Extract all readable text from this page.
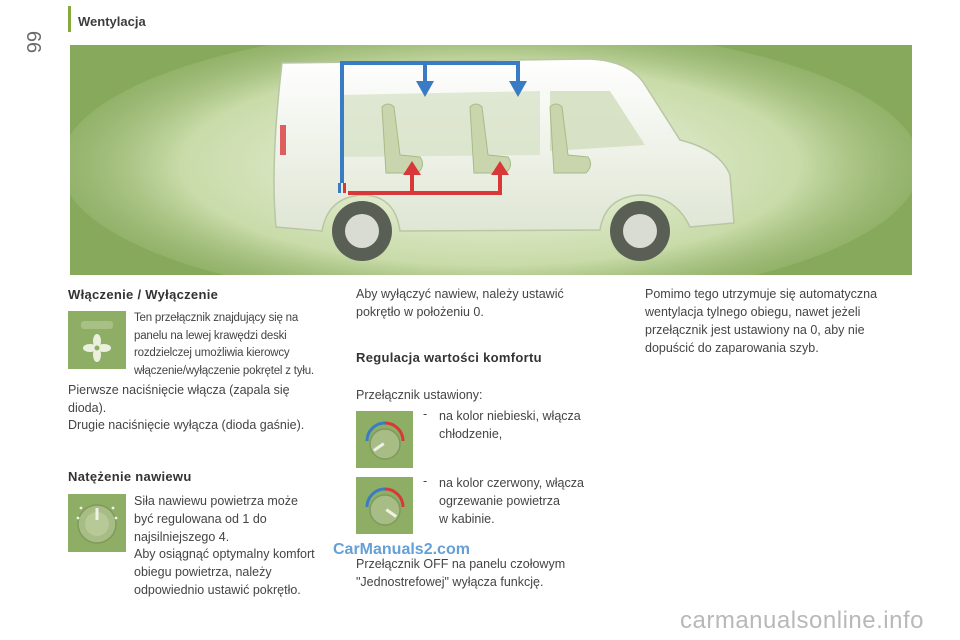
66
Wentylacja
Włączenie / Wyłączenie
Ten przełącznik znajdujący się na
panelu na lewej krawędzi deski
rozdzielczej umożliwia kierowcy
włączenie/wyłączenie pokrętel z tyłu.
Pierwsze naciśnięcie włącza (zapala się
dioda).
Drugie naciśnięcie wyłącza (dioda gaśnie).
Natężenie nawiewu
Siła nawiewu powietrza może
być regulowana od 1 do
najsilniejszego 4.
Aby osiągnąć optymalny komfort
obiegu powietrza, należy
odpowiednio ustawić pokrętło.
Aby wyłączyć nawiew, należy ustawić
pokrętło w położeniu 0.
Regulacja wartości komfortu
Przełącznik ustawiony:
- na kolor niebieski, włącza
chłodzenie,
- na kolor czerwony, włącza
ogrzewanie powietrza
w kabinie.
Przełącznik OFF na panelu czołowym
"Jednostrefowej" wyłącza funkcję.
Pomimo tego utrzymuje się automatyczna
wentylacja tylnego obiegu, nawet jeżeli
przełącznik jest ustawiony na 0, aby nie
dopuścić do zaparowania szyb.
CarManuals2.com
carmanualsonline.info
